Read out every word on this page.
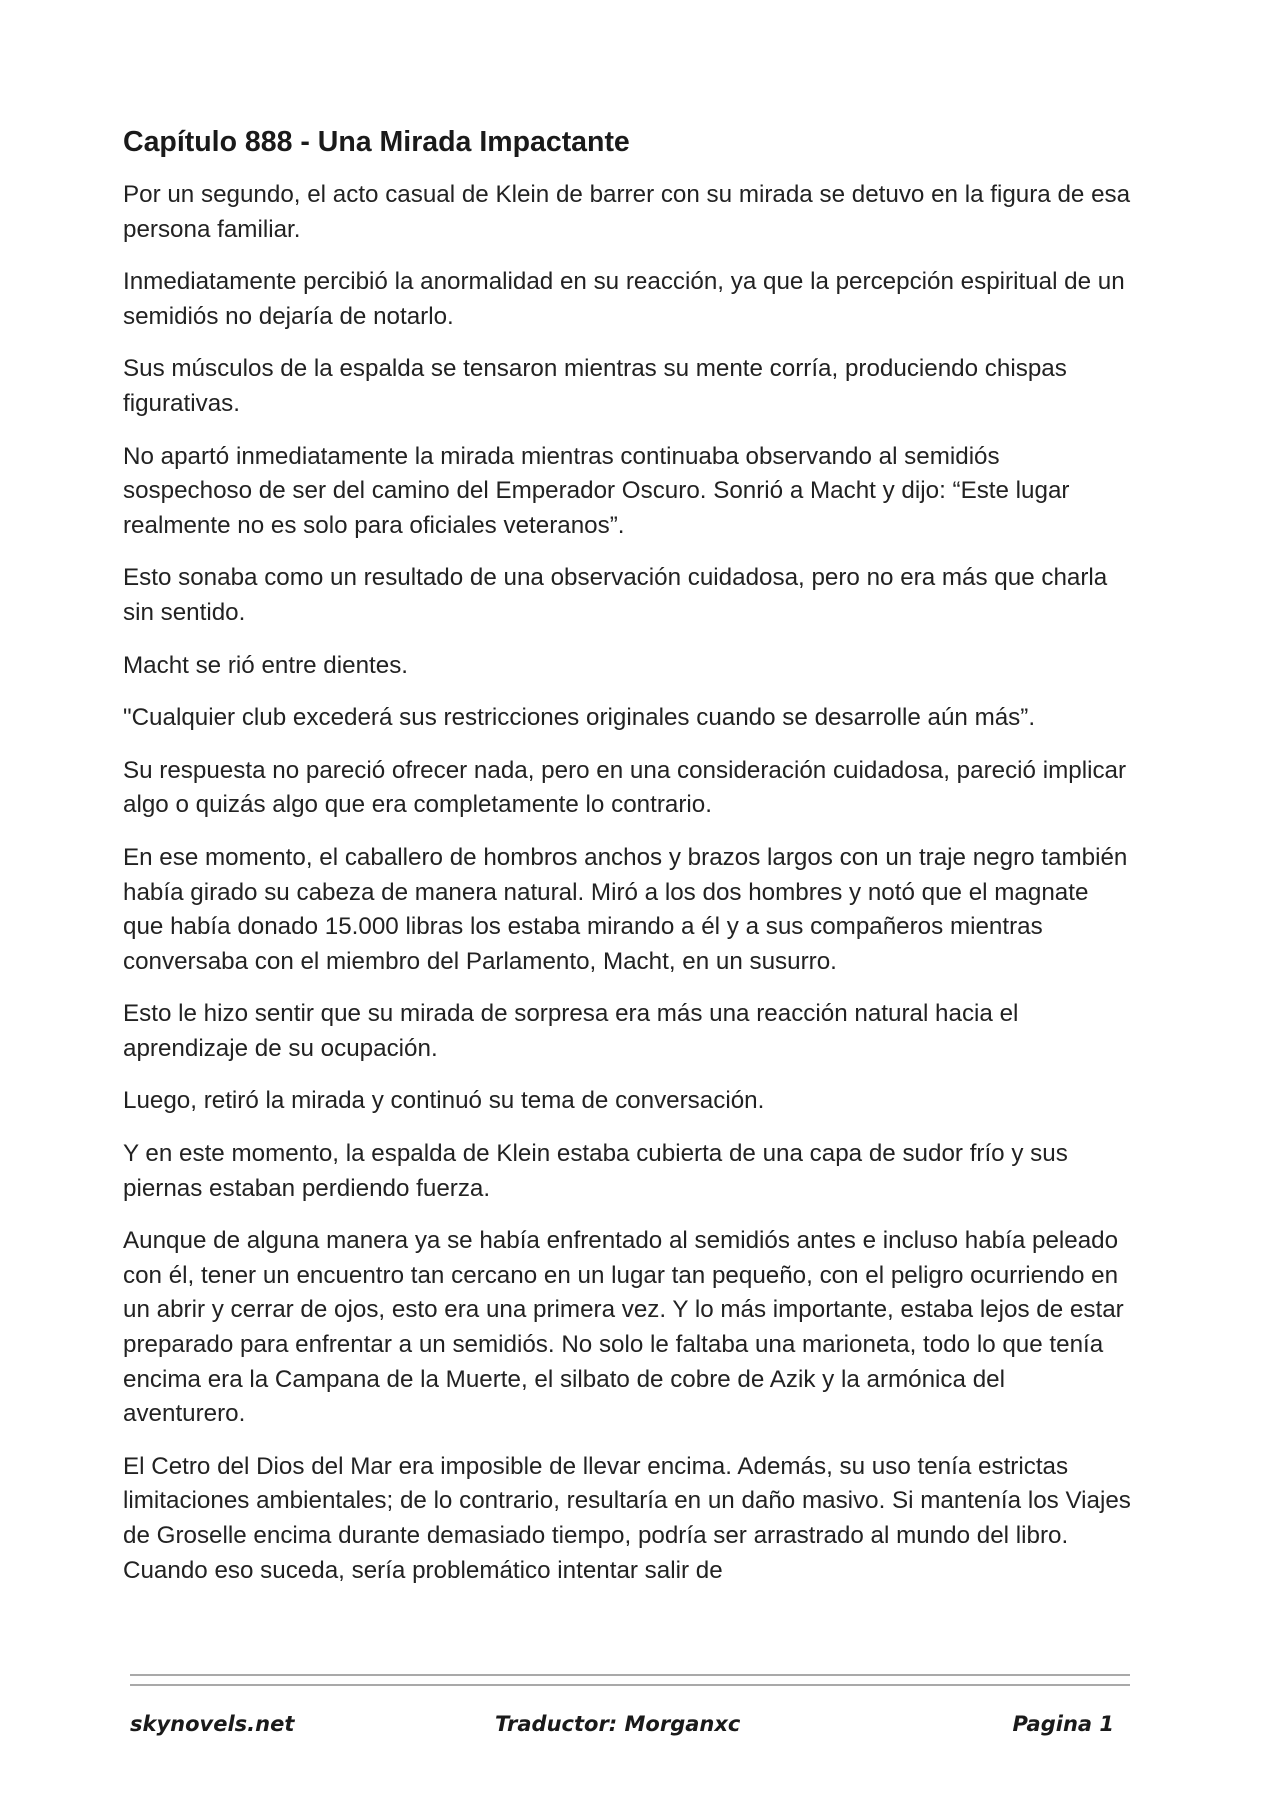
Capítulo 888 - Una Mirada Impactante

Por un segundo, el acto casual de Klein de barrer con su mirada se detuvo en la figura de esa persona familiar.

Inmediatamente percibió la anormalidad en su reacción, ya que la percepción espiritual de un semidiós no dejaría de notarlo.

Sus músculos de la espalda se tensaron mientras su mente corría, produciendo chispas figurativas.

No apartó inmediatamente la mirada mientras continuaba observando al semidiós sospechoso de ser del camino del Emperador Oscuro. Sonrió a Macht y dijo: “Este lugar realmente no es solo para oficiales veteranos”.

Esto sonaba como un resultado de una observación cuidadosa, pero no era más que charla sin sentido.

Macht se rió entre dientes.

"Cualquier club excederá sus restricciones originales cuando se desarrolle aún más”.

Su respuesta no pareció ofrecer nada, pero en una consideración cuidadosa, pareció implicar algo o quizás algo que era completamente lo contrario.

En ese momento, el caballero de hombros anchos y brazos largos con un traje negro también había girado su cabeza de manera natural. Miró a los dos hombres y notó que el magnate que había donado 15.000 libras los estaba mirando a él y a sus compañeros mientras conversaba con el miembro del Parlamento, Macht, en un susurro.

Esto le hizo sentir que su mirada de sorpresa era más una reacción natural hacia el aprendizaje de su ocupación.

Luego, retiró la mirada y continuó su tema de conversación.

Y en este momento, la espalda de Klein estaba cubierta de una capa de sudor frío y sus piernas estaban perdiendo fuerza.

Aunque de alguna manera ya se había enfrentado al semidiós antes e incluso había peleado con él, tener un encuentro tan cercano en un lugar tan pequeño, con el peligro ocurriendo en un abrir y cerrar de ojos, esto era una primera vez. Y lo más importante, estaba lejos de estar preparado para enfrentar a un semidiós. No solo le faltaba una marioneta, todo lo que tenía encima era la Campana de la Muerte, el silbato de cobre de Azik y la armónica del aventurero.

El Cetro del Dios del Mar era imposible de llevar encima. Además, su uso tenía estrictas limitaciones ambientales; de lo contrario, resultaría en un daño masivo. Si mantenía los Viajes de Groselle encima durante demasiado tiempo, podría ser arrastrado al mundo del libro. Cuando eso suceda, sería problemático intentar salir de

skynovels.net	Traductor: Morganxc	Pagina 1
